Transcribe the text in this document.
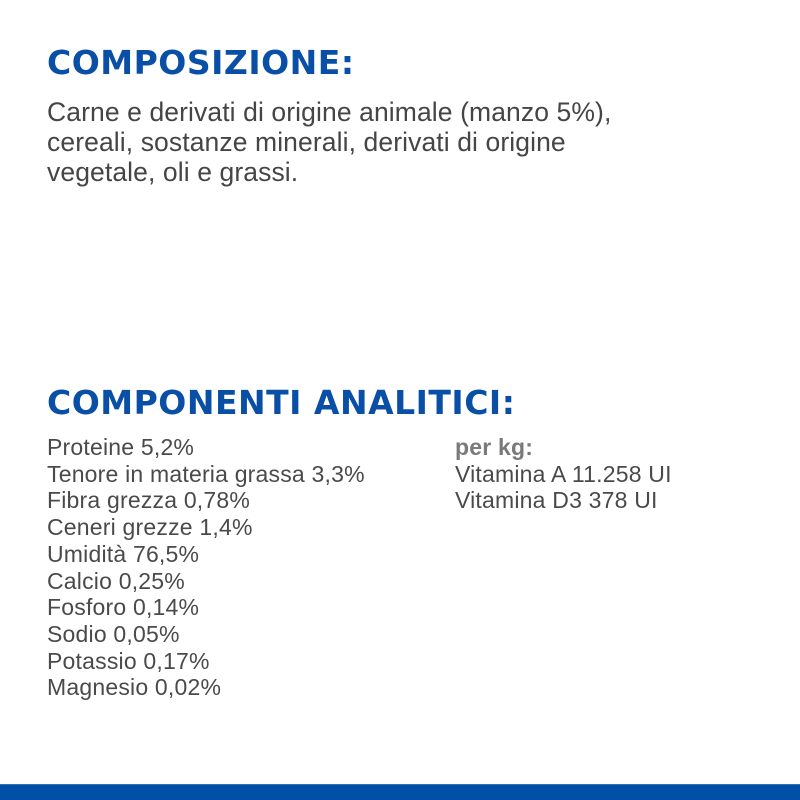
COMPOSIZIONE:

Carne e derivati di origine animale (manzo 5%),
cereali, sostanze minerali, derivati di origine
vegetale, oli e grassi.

COMPONENTI ANALITICI:
Proteine 5,2%
Tenore in materia grassa 3,3%
Fibra grezza 0,78%
Ceneri grezze 1,4%
Umidità 76,5%
Calcio 0,25%
Fosforo 0,14%
Sodio 0,05%
Potassio 0,17%
Magnesio 0,02%
per kg:
Vitamina A 11.258 UI
Vitamina D3 378 UI
